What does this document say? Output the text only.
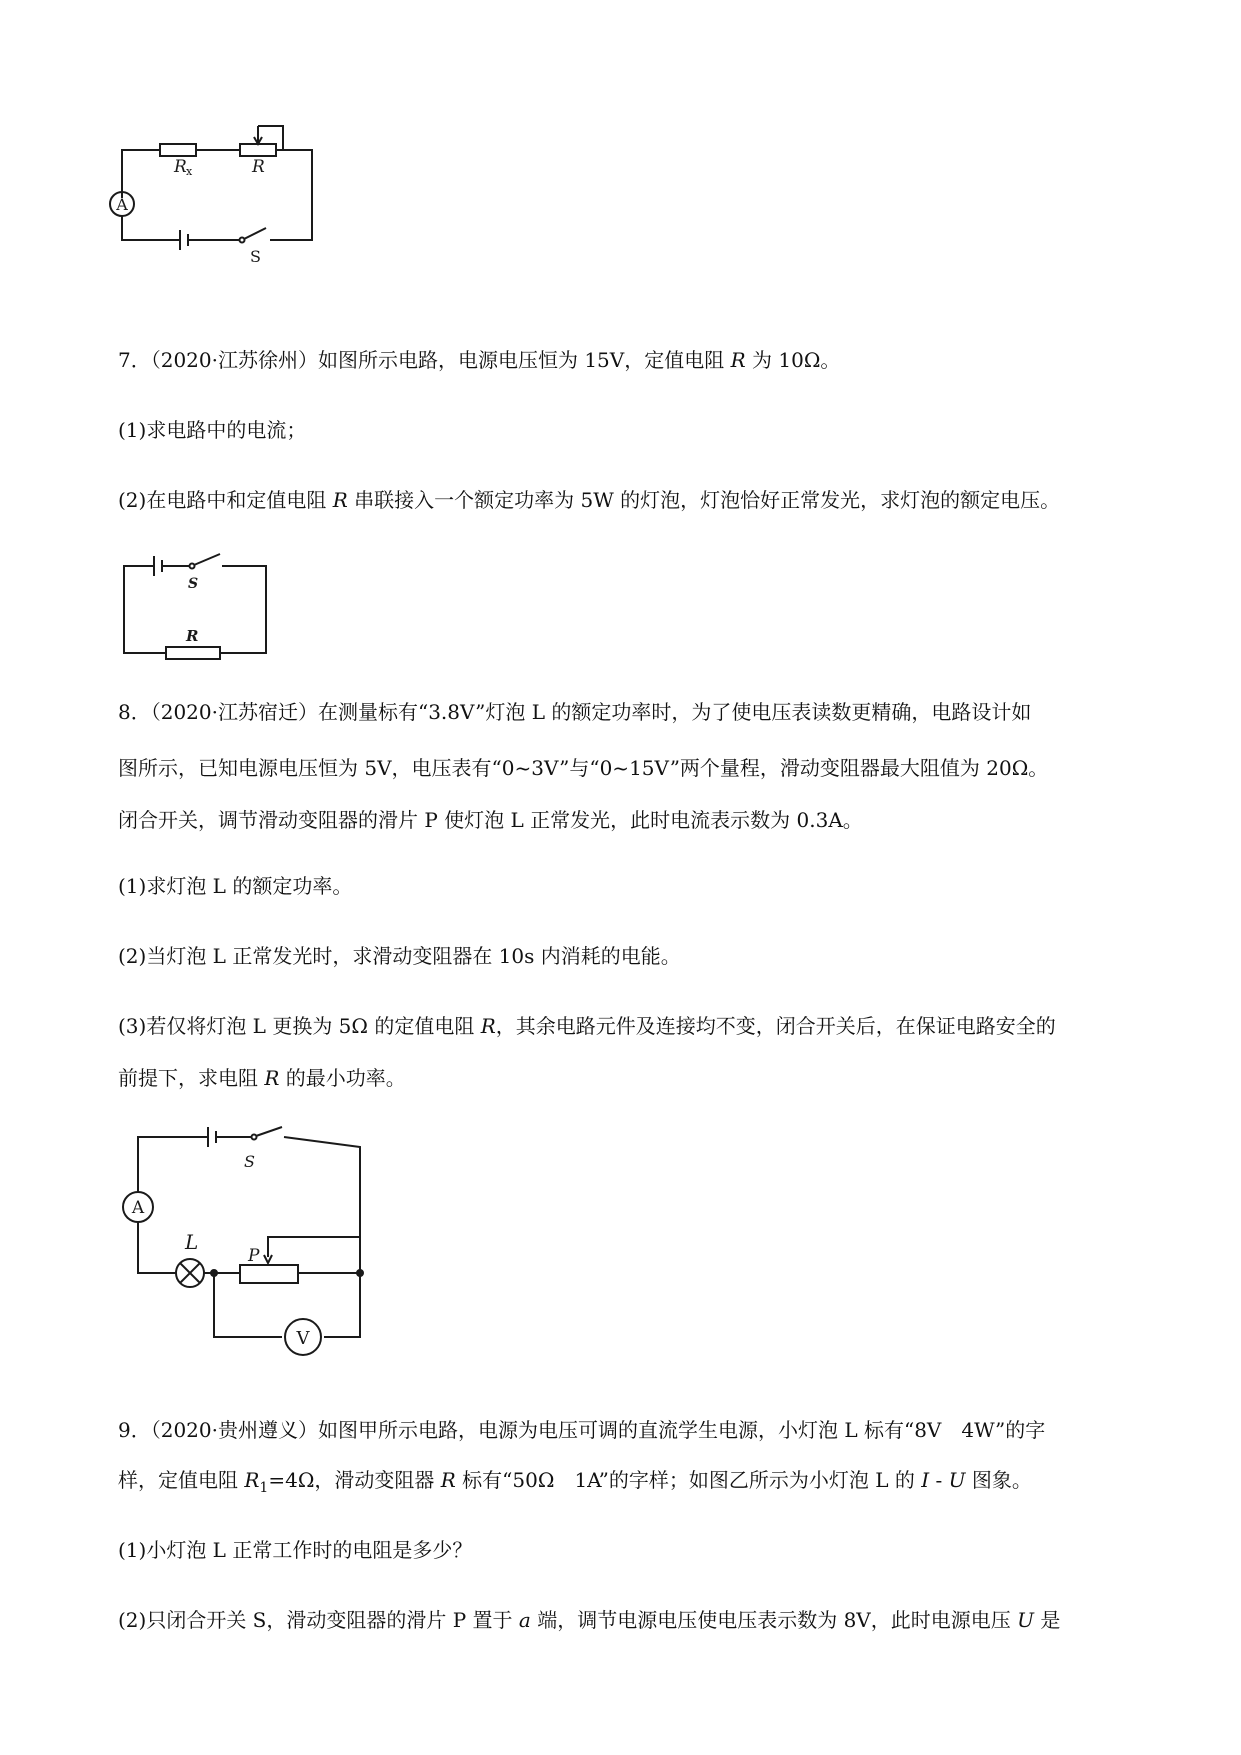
A
R x	R
S
7．（2020·江苏徐州）如图所示电路，电源电压恒为 15V，定值电阻 R 为 10Ω。
(1)求电路中的电流；
(2)在电路中和定值电阻 R 串联接入一个额定功率为 5W 的灯泡，灯泡恰好正常发光，求灯泡的额定电压。
S
R
8．（2020·江苏宿迁）在测量标有“3.8V”灯泡 L 的额定功率时，为了使电压表读数更精确，电路设计如
图所示，已知电源电压恒为 5V，电压表有“0~3V”与“0~15V”两个量程，滑动变阻器最大阻值为 20Ω。
闭合开关，调节滑动变阻器的滑片 P 使灯泡 L 正常发光，此时电流表示数为 0.3A。
(1)求灯泡 L 的额定功率。
(2)当灯泡 L 正常发光时，求滑动变阻器在 10s 内消耗的电能。
(3)若仅将灯泡 L 更换为 5Ω 的定值电阻 R，其余电路元件及连接均不变，闭合开关后，在保证电路安全的
前提下，求电阻 R 的最小功率。
A
V
L
P
S
9．（2020·贵州遵义）如图甲所示电路，电源为电压可调的直流学生电源，小灯泡 L 标有“8V　4W”的字
样，定值电阻 $R_1=4\Omega$，滑动变阻器 R 标有“50Ω　1A”的字样；如图乙所示为小灯泡 L 的 I - U 图象。
(1)小灯泡 L 正常工作时的电阻是多少？
(2)只闭合开关 S，滑动变阻器的滑片 P 置于 a 端，调节电源电压使电压表示数为 8V，此时电源电压 U 是
